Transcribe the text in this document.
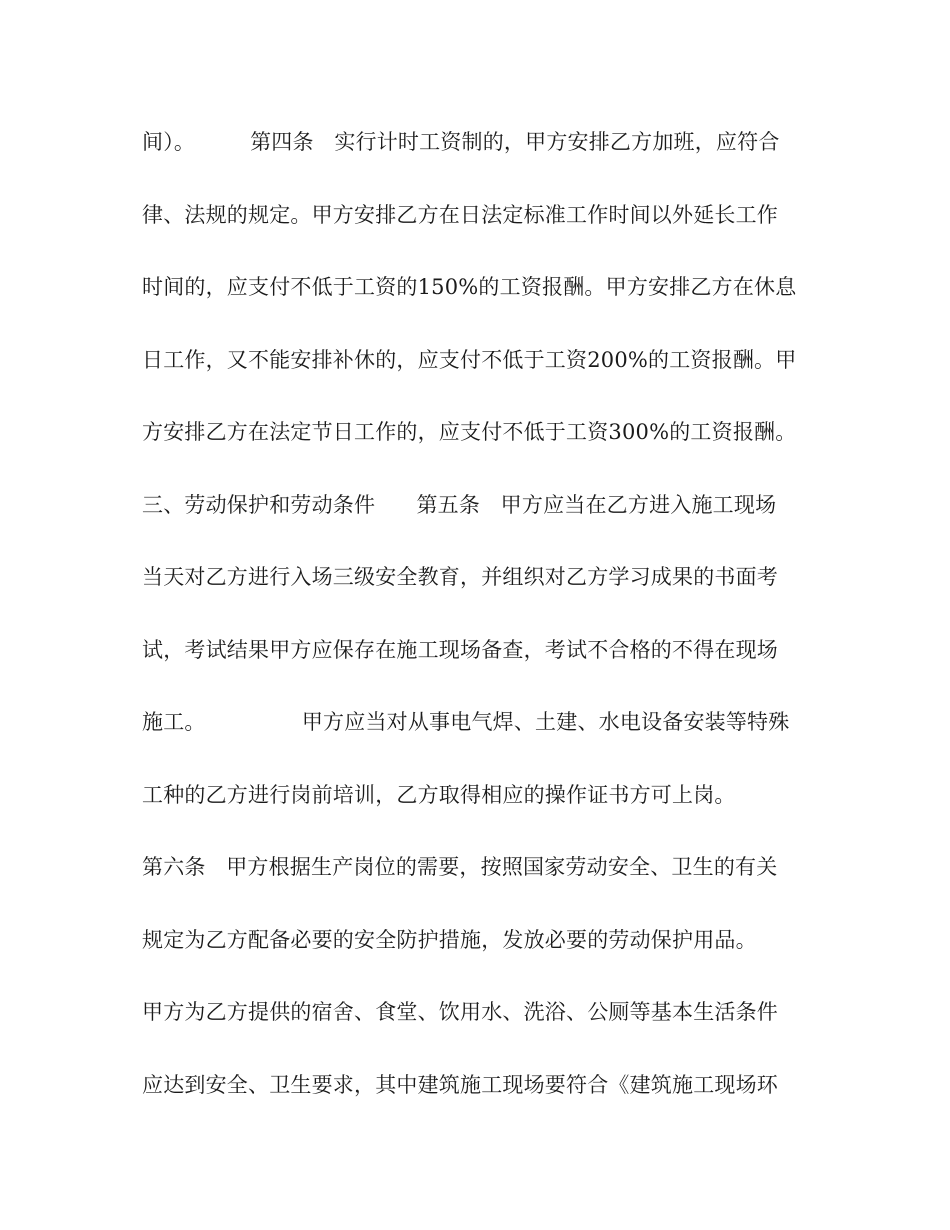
间）。        第四条   实行计时工资制的，甲方安排乙方加班，应符合
律、法规的规定。甲方安排乙方在日法定标准工作时间以外延长工作
时间的，应支付不低于工资的150%的工资报酬。甲方安排乙方在休息
日工作，又不能安排补休的，应支付不低于工资200%的工资报酬。甲
方安排乙方在法定节日工作的，应支付不低于工资300%的工资报酬。
三、劳动保护和劳动条件      第五条   甲方应当在乙方进入施工现场
当天对乙方进行入场三级安全教育，并组织对乙方学习成果的书面考
试，考试结果甲方应保存在施工现场备查，考试不合格的不得在现场
施工。              甲方应当对从事电气焊、土建、水电设备安装等特殊
工种的乙方进行岗前培训，乙方取得相应的操作证书方可上岗。
第六条   甲方根据生产岗位的需要，按照国家劳动安全、卫生的有关
规定为乙方配备必要的安全防护措施，发放必要的劳动保护用品。
甲方为乙方提供的宿舍、食堂、饮用水、洗浴、公厕等基本生活条件
应达到安全、卫生要求，其中建筑施工现场要符合《建筑施工现场环
